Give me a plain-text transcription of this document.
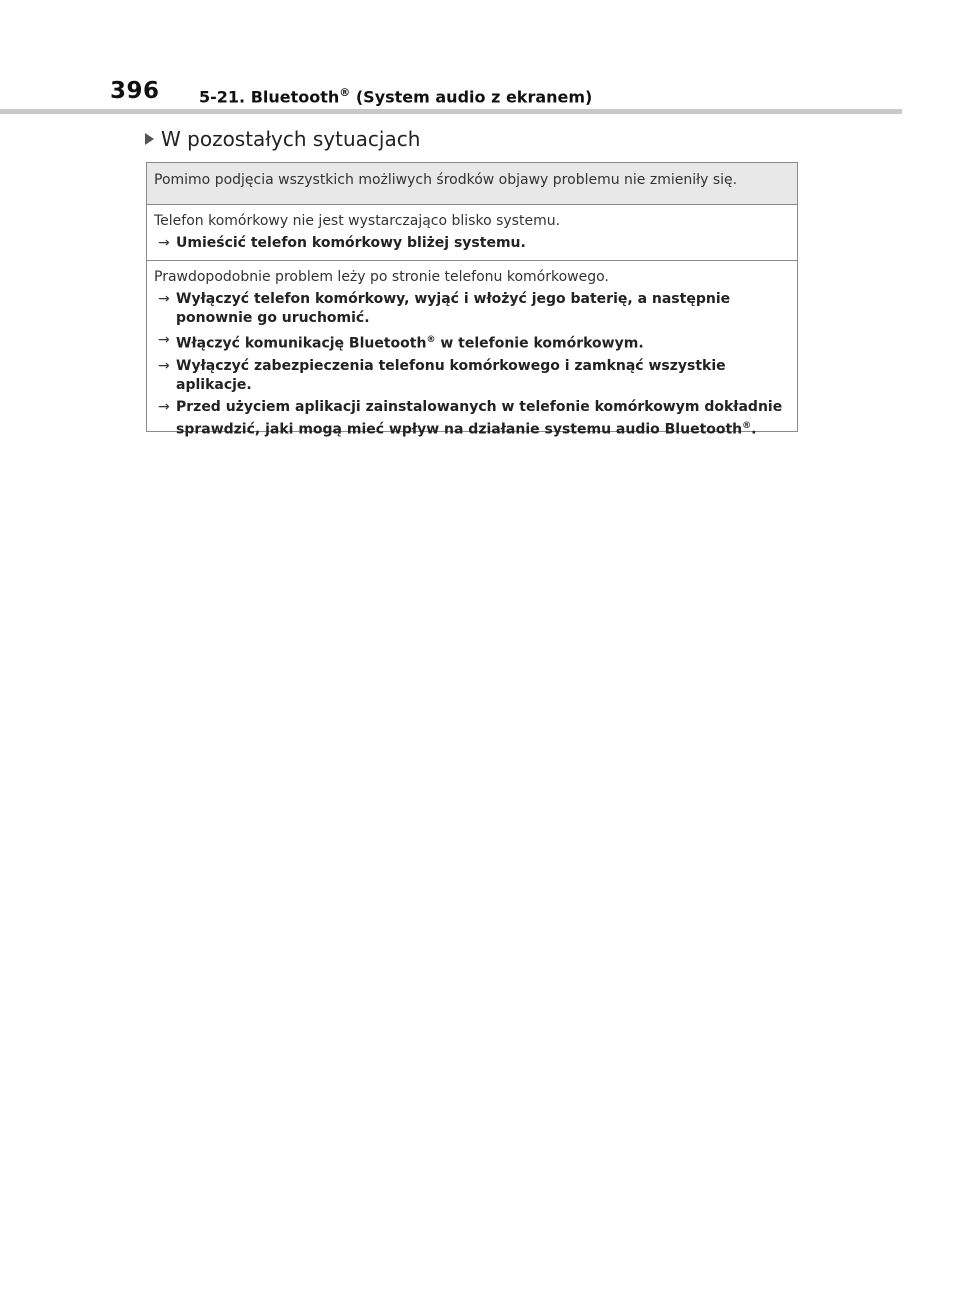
396 5-21. Bluetooth® (System audio z ekranem)
W pozostałych sytuacjach
Pomimo podjęcia wszystkich możliwych środków objawy problemu nie zmieniły się.
Telefon komórkowy nie jest wystarczająco blisko systemu.
→ Umieścić telefon komórkowy bliżej systemu.
Prawdopodobnie problem leży po stronie telefonu komórkowego.
→ Wyłączyć telefon komórkowy, wyjąć i włożyć jego baterię, a następnie ponownie go uruchomić.
→ Włączyć komunikację Bluetooth® w telefonie komórkowym.
→ Wyłączyć zabezpieczenia telefonu komórkowego i zamknąć wszystkie aplikacje.
→ Przed użyciem aplikacji zainstalowanych w telefonie komórkowym dokładnie sprawdzić, jaki mogą mieć wpływ na działanie systemu audio Bluetooth®.
